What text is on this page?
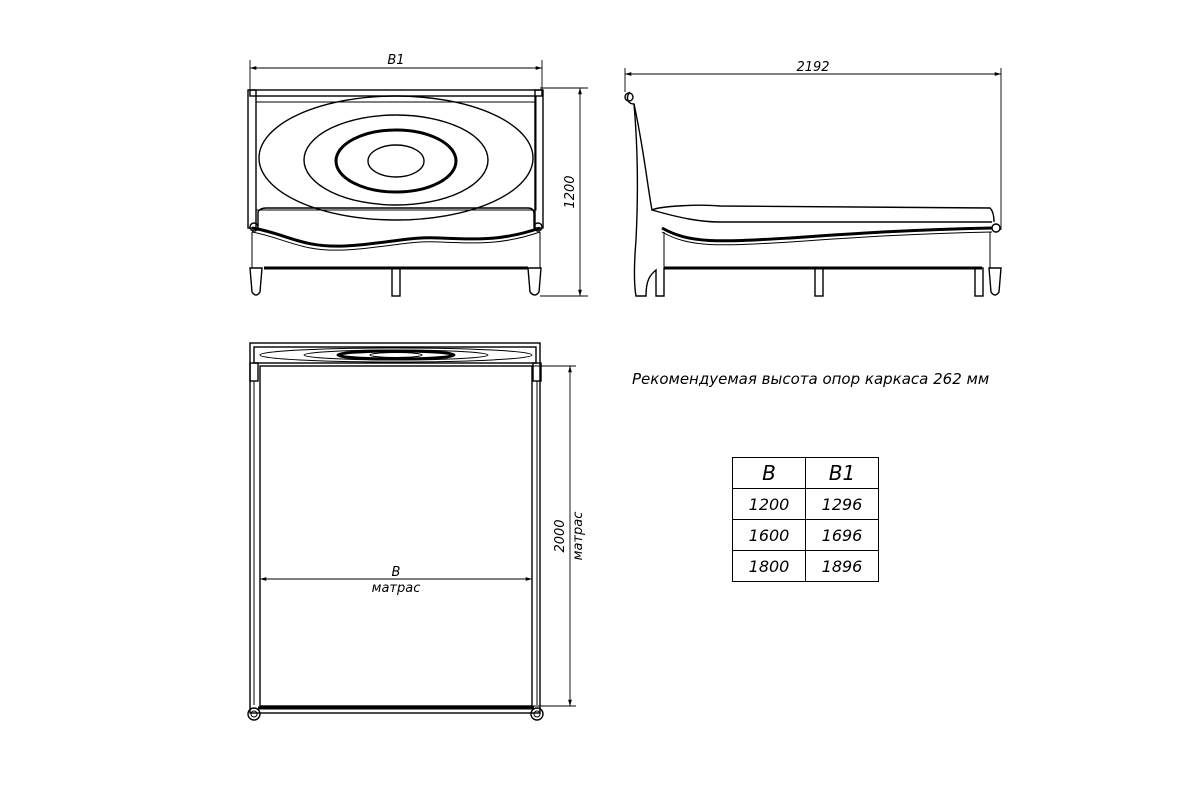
B1
1200
2192
B
матрас
2000 матрас
Рекомендуемая высота опор каркаса 262 мм
B	B1
1200	1296
1600	1696
1800	1896
